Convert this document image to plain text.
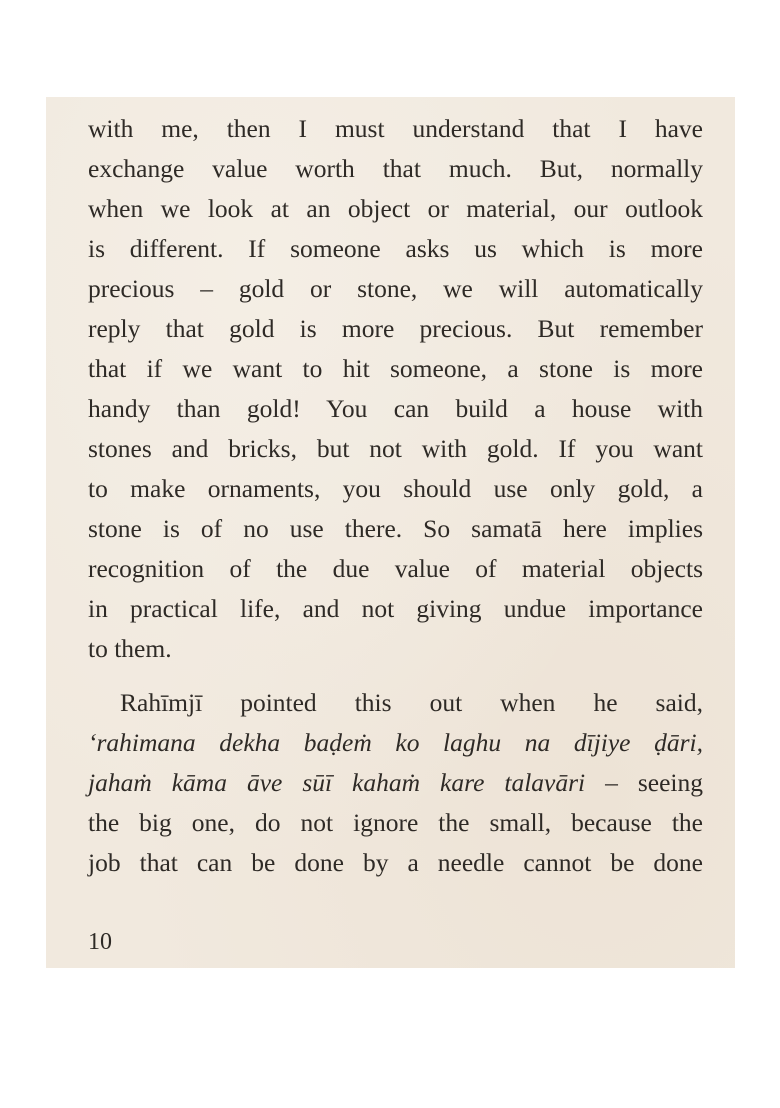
with me, then I must understand that I have
exchange value worth that much. But, normally
when we look at an object or material, our outlook
is different. If someone asks us which is more
precious – gold or stone, we will automatically
reply that gold is more precious. But remember
that if we want to hit someone, a stone is more
handy than gold! You can build a house with
stones and bricks, but not with gold. If you want
to make ornaments, you should use only gold, a
stone is of no use there. So samatā here implies
recognition of the due value of material objects
in practical life, and not giving undue importance
to them.
Rahīmjī pointed this out when he said,
‘rahimana dekha baḍeṁ ko laghu na dījiye ḍāri,
jahaṁ kāma āve sūī kahaṁ kare talavāri – seeing
the big one, do not ignore the small, because the
job that can be done by a needle cannot be done
10
